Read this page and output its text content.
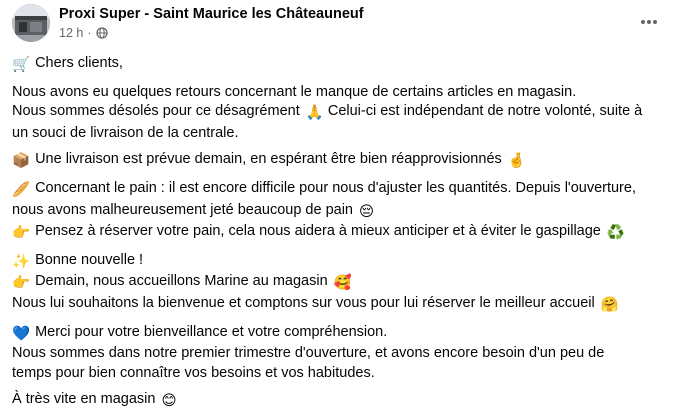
Proxi Super - Saint Maurice les Châteauneuf
12 h ·
🛒 Chers clients,
Nous avons eu quelques retours concernant le manque de certains articles en magasin.
Nous sommes désolés pour ce désagrément 🙏 Celui-ci est indépendant de notre volonté, suite à
un souci de livraison de la centrale.
📦 Une livraison est prévue demain, en espérant être bien réapprovisionnés 🤞
🥖 Concernant le pain : il est encore difficile pour nous d'ajuster les quantités. Depuis l'ouverture,
nous avons malheureusement jeté beaucoup de pain 😔
👉 Pensez à réserver votre pain, cela nous aidera à mieux anticiper et à éviter le gaspillage ♻️
✨ Bonne nouvelle !
👉 Demain, nous accueillons Marine au magasin 🥰
Nous lui souhaitons la bienvenue et comptons sur vous pour lui réserver le meilleur accueil 🤗
💙 Merci pour votre bienveillance et votre compréhension.
Nous sommes dans notre premier trimestre d'ouverture, et avons encore besoin d'un peu de
temps pour bien connaître vos besoins et vos habitudes.
À très vite en magasin 😊
